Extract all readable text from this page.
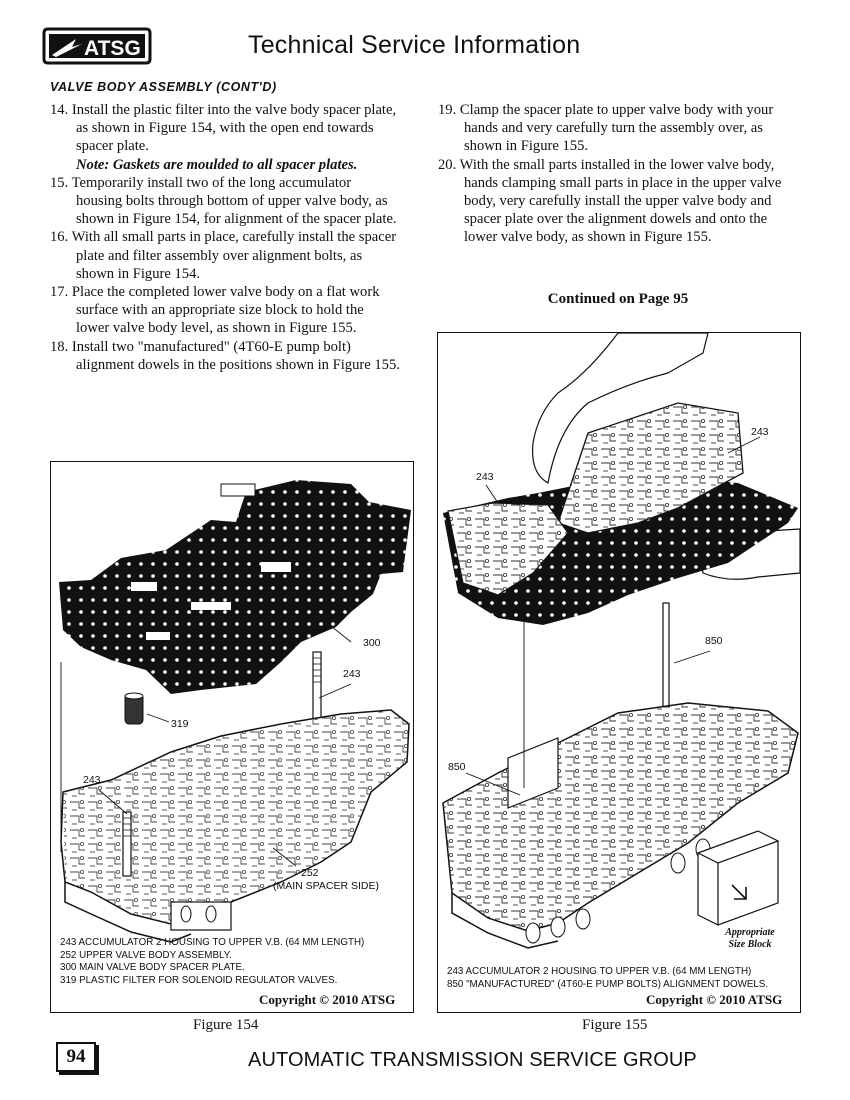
ATSG	Technical Service Information
VALVE BODY ASSEMBLY (CONT'D)

14. Install the plastic filter into the valve body spacer plate, as shown in Figure 154, with the open end towards spacer plate.

Note: Gaskets are moulded to all spacer plates.

15. Temporarily install two of the long accumulator housing bolts through bottom of upper valve body, as shown in Figure 154, for alignment of the spacer plate.

16. With all small parts in place, carefully install the spacer plate and filter assembly over alignment bolts, as shown in Figure 154.

17. Place the completed lower valve body on a flat work surface with an appropriate size block to hold the lower valve body level, as shown in Figure 155.

18. Install two "manufactured" (4T60-E pump bolt) alignment dowels in the positions shown in Figure 155.

19. Clamp the spacer plate to upper valve body with your hands and very carefully turn the assembly over, as shown in Figure 155.

20. With the small parts installed in the lower valve body, hands clamping small parts in place in the upper valve body, very carefully install the upper valve body and spacer plate over the alignment dowels and onto the lower valve body, as shown in Figure 155.

Continued on Page 95
300
243
319
243
252
(MAIN SPACER SIDE)
243 ACCUMULATOR 2 HOUSING TO UPPER V.B. (64 MM LENGTH)
252 UPPER VALVE BODY ASSEMBLY.
300 MAIN VALVE BODY SPACER PLATE.
319 PLASTIC FILTER FOR SOLENOID REGULATOR VALVES.
Copyright © 2010 ATSG
Figure 154
243
243
850
850
Appropriate
Size Block
243 ACCUMULATOR 2 HOUSING TO UPPER V.B. (64 MM LENGTH)
850 "MANUFACTURED" (4T60-E PUMP BOLTS) ALIGNMENT DOWELS.
Copyright © 2010 ATSG
Figure 155
94	AUTOMATIC TRANSMISSION SERVICE GROUP
